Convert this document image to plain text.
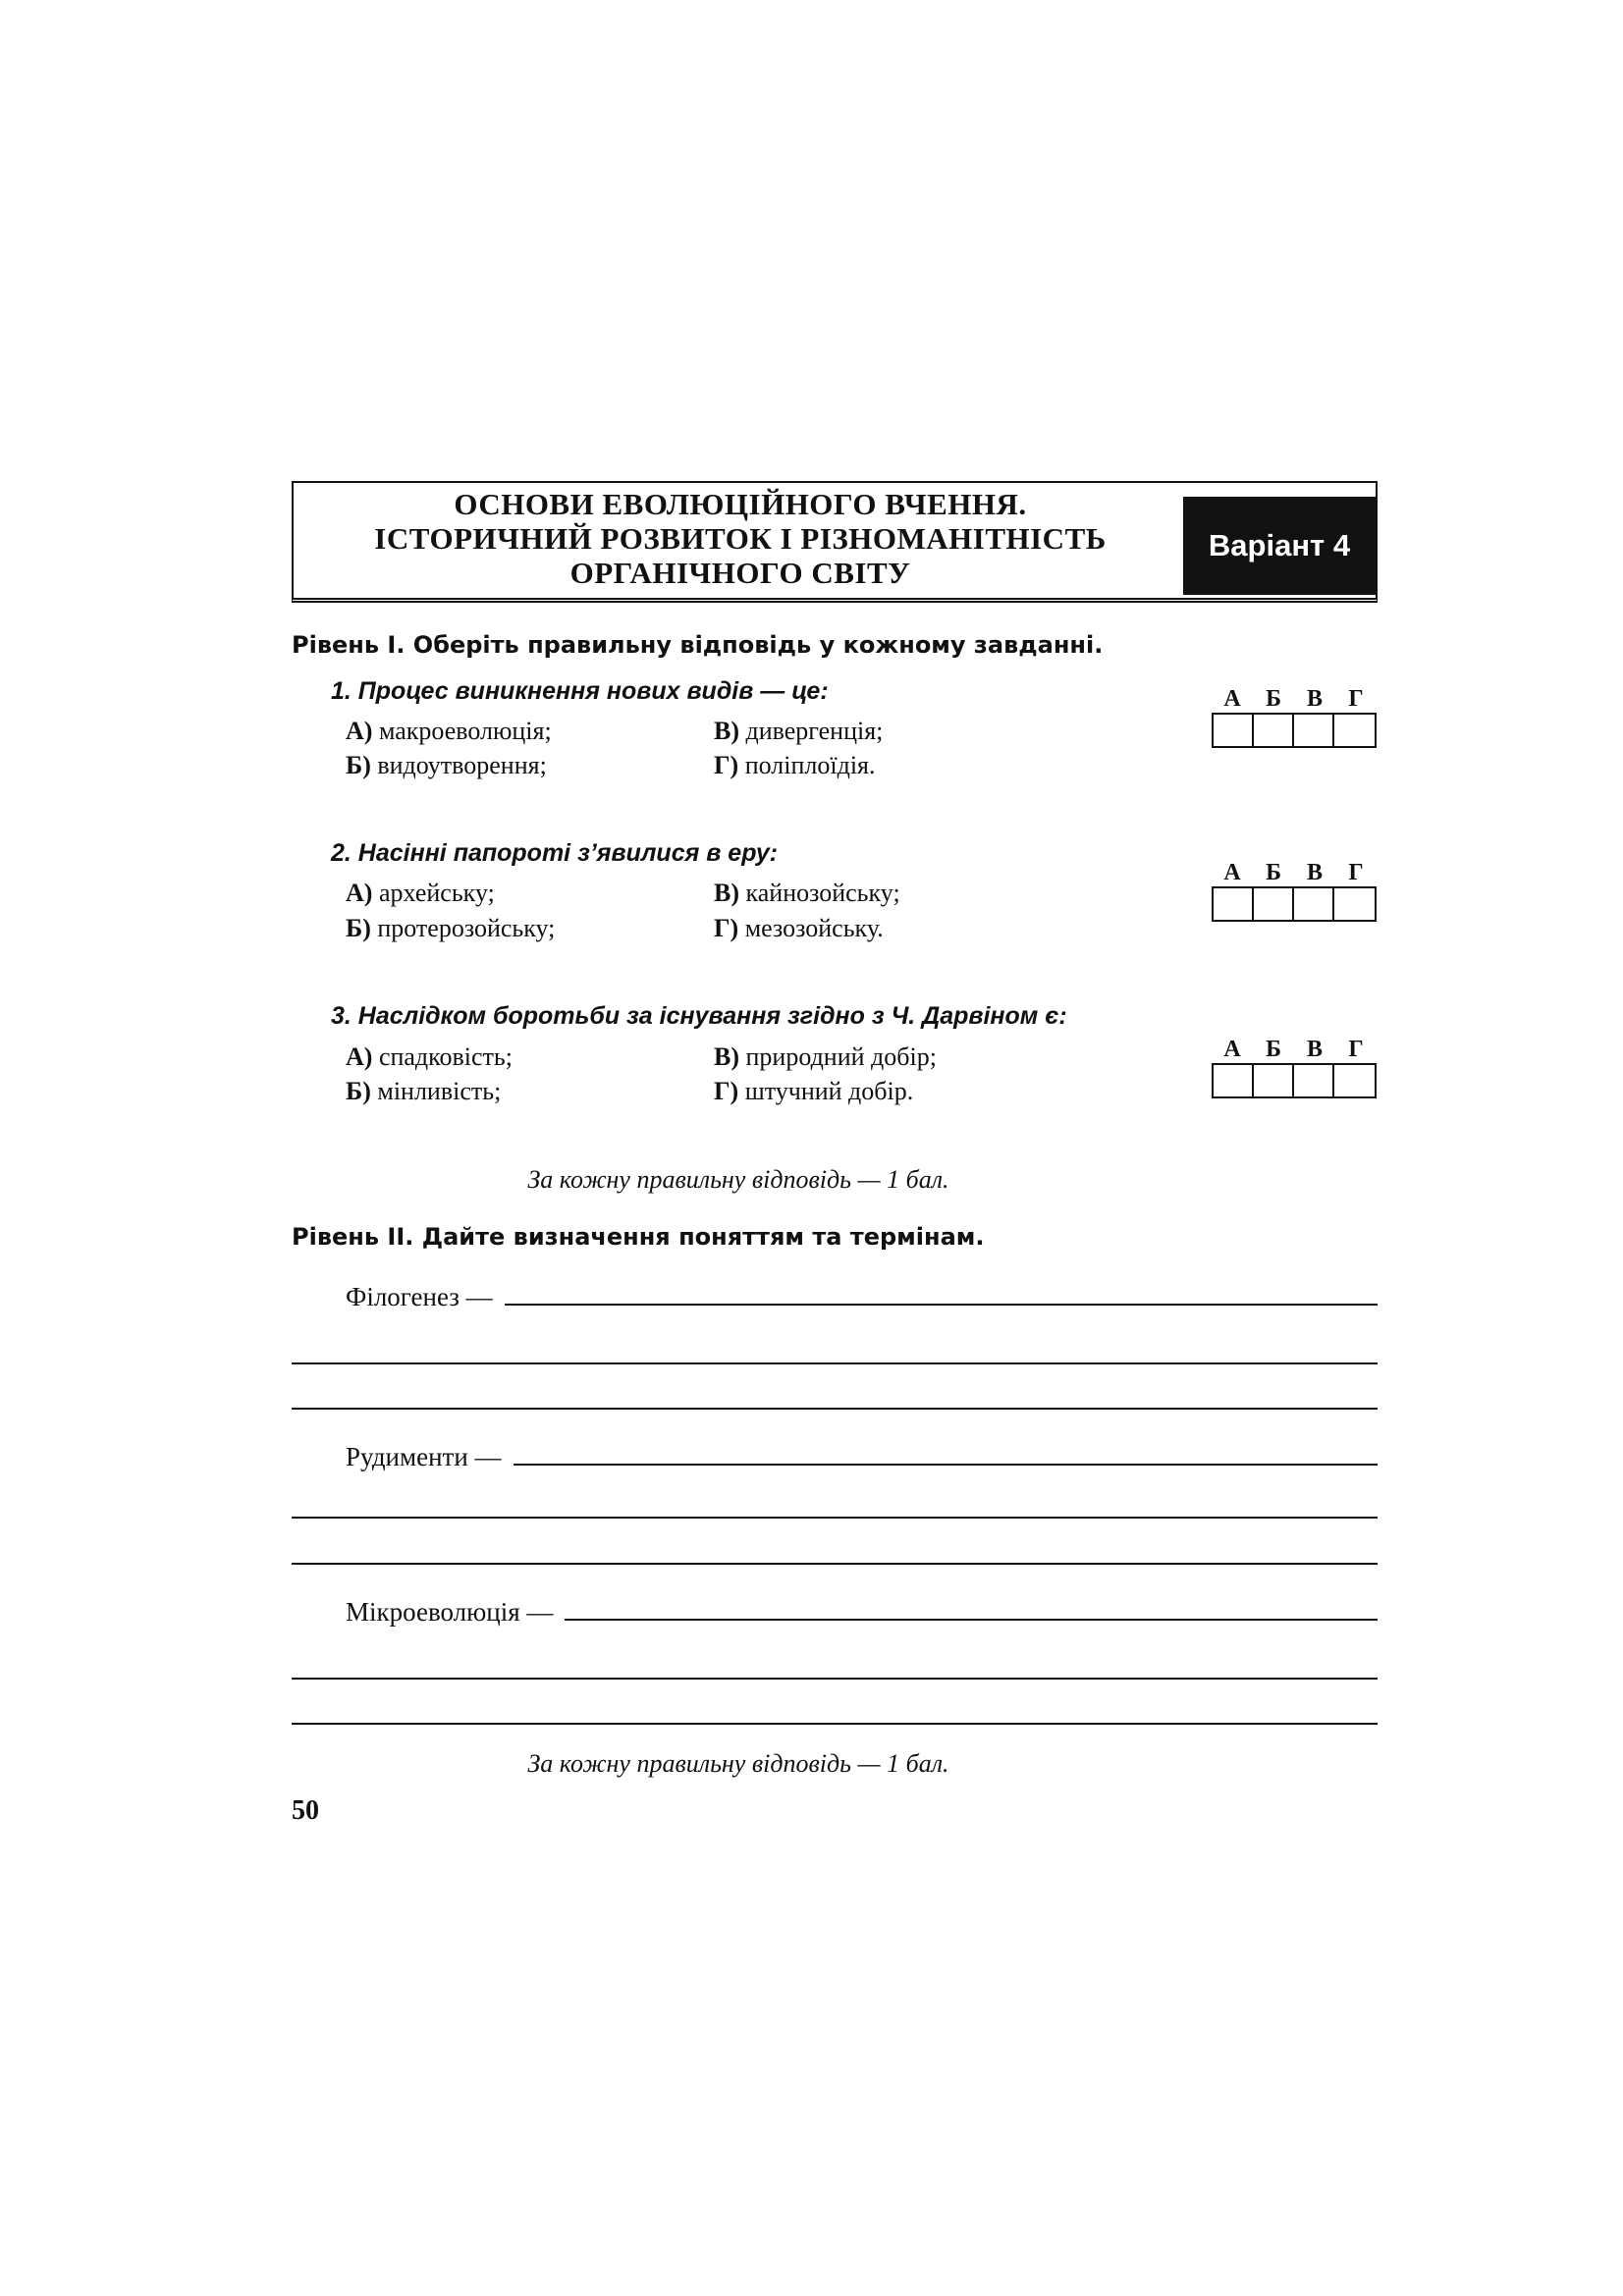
ОСНОВИ ЕВОЛЮЦІЙНОГО ВЧЕННЯ.
ІСТОРИЧНИЙ РОЗВИТОК І РІЗНОМАНІТНІСТЬ
ОРГАНІЧНОГО СВІТУ
Варіант 4
Рівень І. Оберіть правильну відповідь у кожному завданні.
1. Процес виникнення нових видів — це:
А) макроеволюція;
Б) видоутворення;
В) дивергенція;
Г) поліплоїдія.
А	Б	В	Г
2. Насінні папороті з’явилися в еру:
А) архейську;
Б) протерозойську;
В) кайнозойську;
Г) мезозойську.
А	Б	В	Г
3. Наслідком боротьби за існування згідно з Ч. Дарвіном є:
А) спадковість;
Б) мінливість;
В) природний добір;
Г) штучний добір.
А	Б	В	Г
За кожну правильну відповідь — 1 бал.
Рівень ІІ. Дайте визначення поняттям та термінам.
Філогенез —
Рудименти —
Мікроеволюція —
За кожну правильну відповідь — 1 бал.
50
